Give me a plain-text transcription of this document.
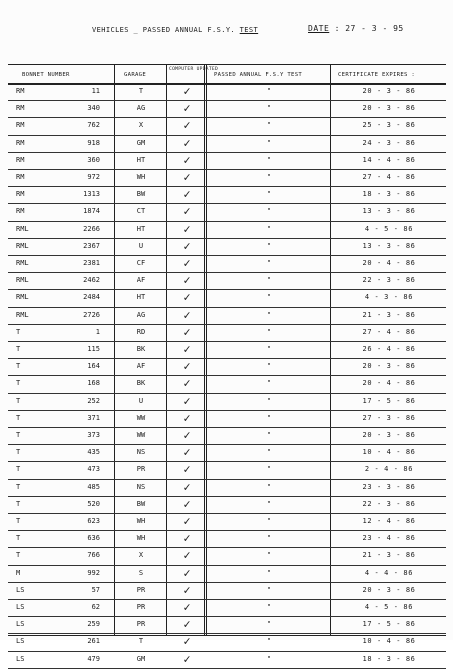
VEHICLES _ PASSED ANNUAL F.S.Y. TEST	DATE : 27 - 3 - 95
BONNET NUMBER	GARAGE
COMPUTER UPDATED
PASSED ANNUAL F.S.Y TEST	CERTIFICATE EXPIRES :
RM	11	T	✓	"	20 - 3 - 86
RM	340	AG	✓	"	20 - 3 - 86
RM	762	X	✓	"	25 - 3 - 86
RM	918	GM	✓	"	24 - 3 - 86
RM	360	HT	✓	"	14 - 4 - 86
RM	972	WH	✓	"	27 - 4 - 86
RM	1313	BW	✓	"	18 - 3 - 86
RM	1874	CT	✓	"	13 - 3 - 86
RML	2266	HT	✓	"	4 - 5 - 86
RML	2367	U	✓	"	13 - 3 - 86
RML	2381	CF	✓	"	20 - 4 - 86
RML	2462	AF	✓	"	22 - 3 - 86
RML	2484	HT	✓	"	4 - 3 - 86
RML	2726	AG	✓	"	21 - 3 - 86
T	1	RD	✓	"	27 - 4 - 86
T	115	BK	✓	"	26 - 4 - 86
T	164	AF	✓	"	20 - 3 - 86
T	168	BK	✓	"	20 - 4 - 86
T	252	U	✓	"	17 - 5 - 86
T	371	WW	✓	"	27 - 3 - 86
T	373	WW	✓	"	20 - 3 - 86
T	435	NS	✓	"	10 - 4 - 86
T	473	PR	✓	"	2 - 4 - 86
T	485	NS	✓	"	23 - 3 - 86
T	520	BW	✓	"	22 - 3 - 86
T	623	WH	✓	"	12 - 4 - 86
T	636	WH	✓	"	23 - 4 - 86
T	766	X	✓	"	21 - 3 - 86
M	992	S	✓	"	4 - 4 - 86
LS	57	PR	✓	"	20 - 3 - 86
LS	62	PR	✓	"	4 - 5 - 86
LS	259	PR	✓	"	17 - 5 - 86
LS	261	T	✓	"	10 - 4 - 86
LS	479	GM	✓	"	18 - 3 - 86
